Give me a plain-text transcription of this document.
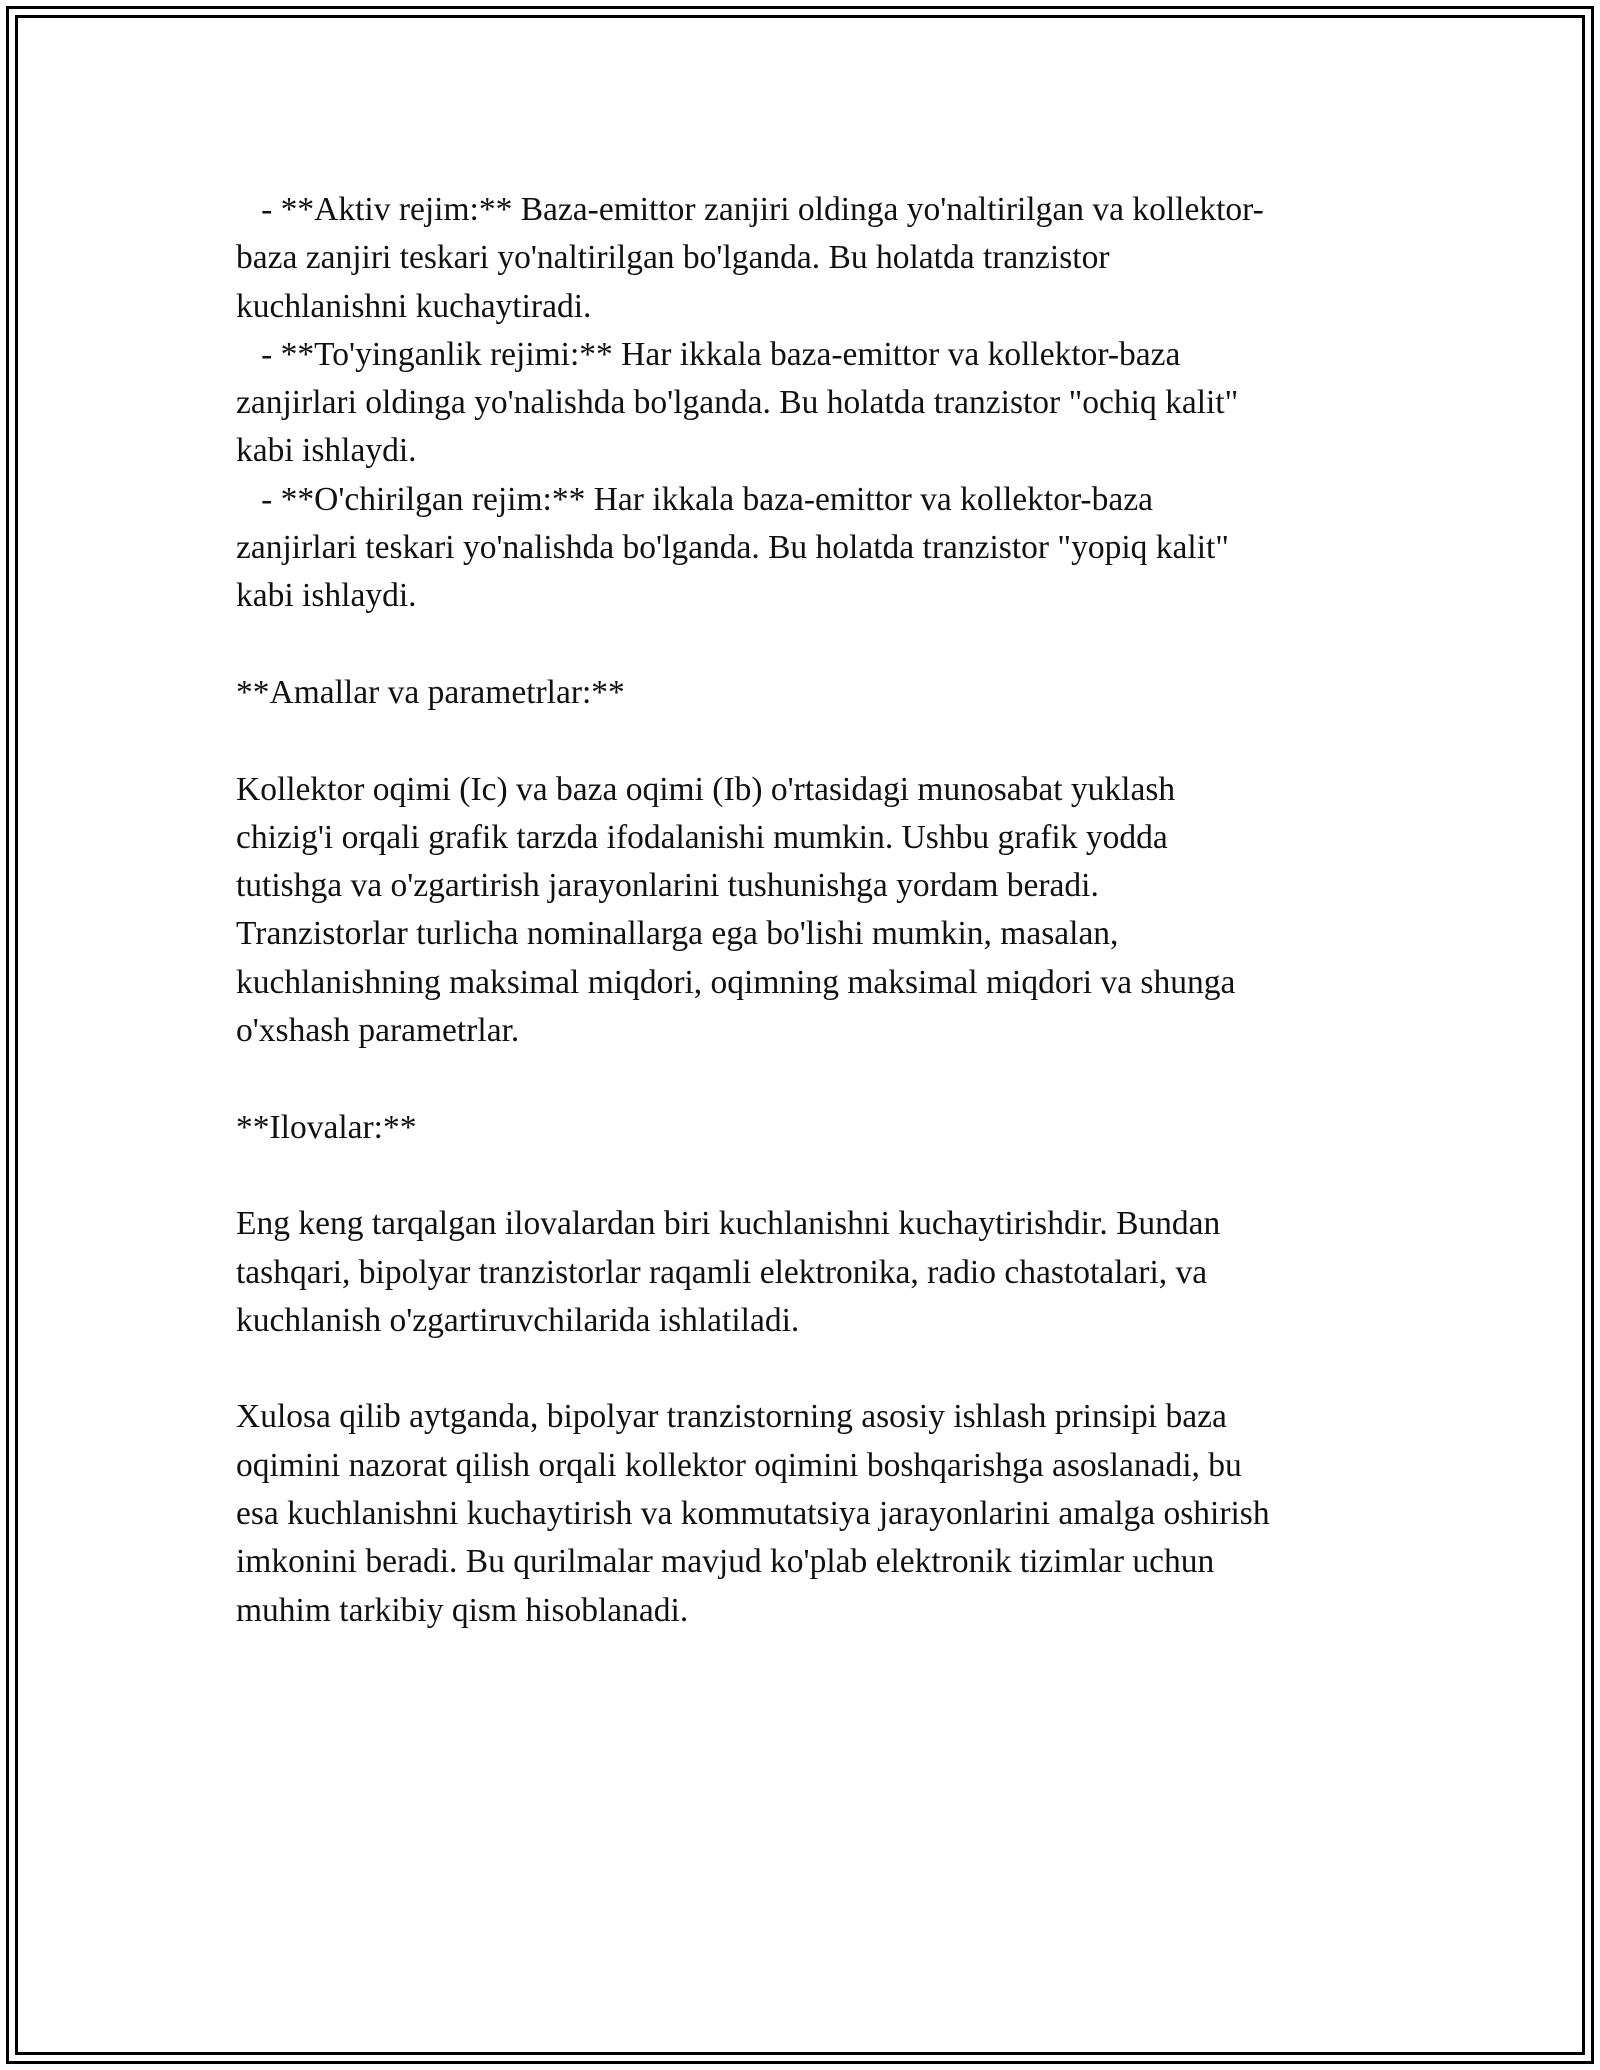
- **Aktiv rejim:** Baza-emittor zanjiri oldinga yo'naltirilgan va kollektor-
baza zanjiri teskari yo'naltirilgan bo'lganda. Bu holatda tranzistor
kuchlanishni kuchaytiradi.

- **To'yinganlik rejimi:** Har ikkala baza-emittor va kollektor-baza
zanjirlari oldinga yo'nalishda bo'lganda. Bu holatda tranzistor "ochiq kalit"
kabi ishlaydi.

- **O'chirilgan rejim:** Har ikkala baza-emittor va kollektor-baza
zanjirlari teskari yo'nalishda bo'lganda. Bu holatda tranzistor "yopiq kalit"
kabi ishlaydi.

**Amallar va parametrlar:**

Kollektor oqimi (Ic) va baza oqimi (Ib) o'rtasidagi munosabat yuklash
chizig'i orqali grafik tarzda ifodalanishi mumkin. Ushbu grafik yodda
tutishga va o'zgartirish jarayonlarini tushunishga yordam beradi.
Tranzistorlar turlicha nominallarga ega bo'lishi mumkin, masalan,
kuchlanishning maksimal miqdori, oqimning maksimal miqdori va shunga
o'xshash parametrlar.

**Ilovalar:**

Eng keng tarqalgan ilovalardan biri kuchlanishni kuchaytirishdir. Bundan
tashqari, bipolyar tranzistorlar raqamli elektronika, radio chastotalari, va
kuchlanish o'zgartiruvchilarida ishlatiladi.

Xulosa qilib aytganda, bipolyar tranzistorning asosiy ishlash prinsipi baza
oqimini nazorat qilish orqali kollektor oqimini boshqarishga asoslanadi, bu
esa kuchlanishni kuchaytirish va kommutatsiya jarayonlarini amalga oshirish
imkonini beradi. Bu qurilmalar mavjud ko'plab elektronik tizimlar uchun
muhim tarkibiy qism hisoblanadi.
